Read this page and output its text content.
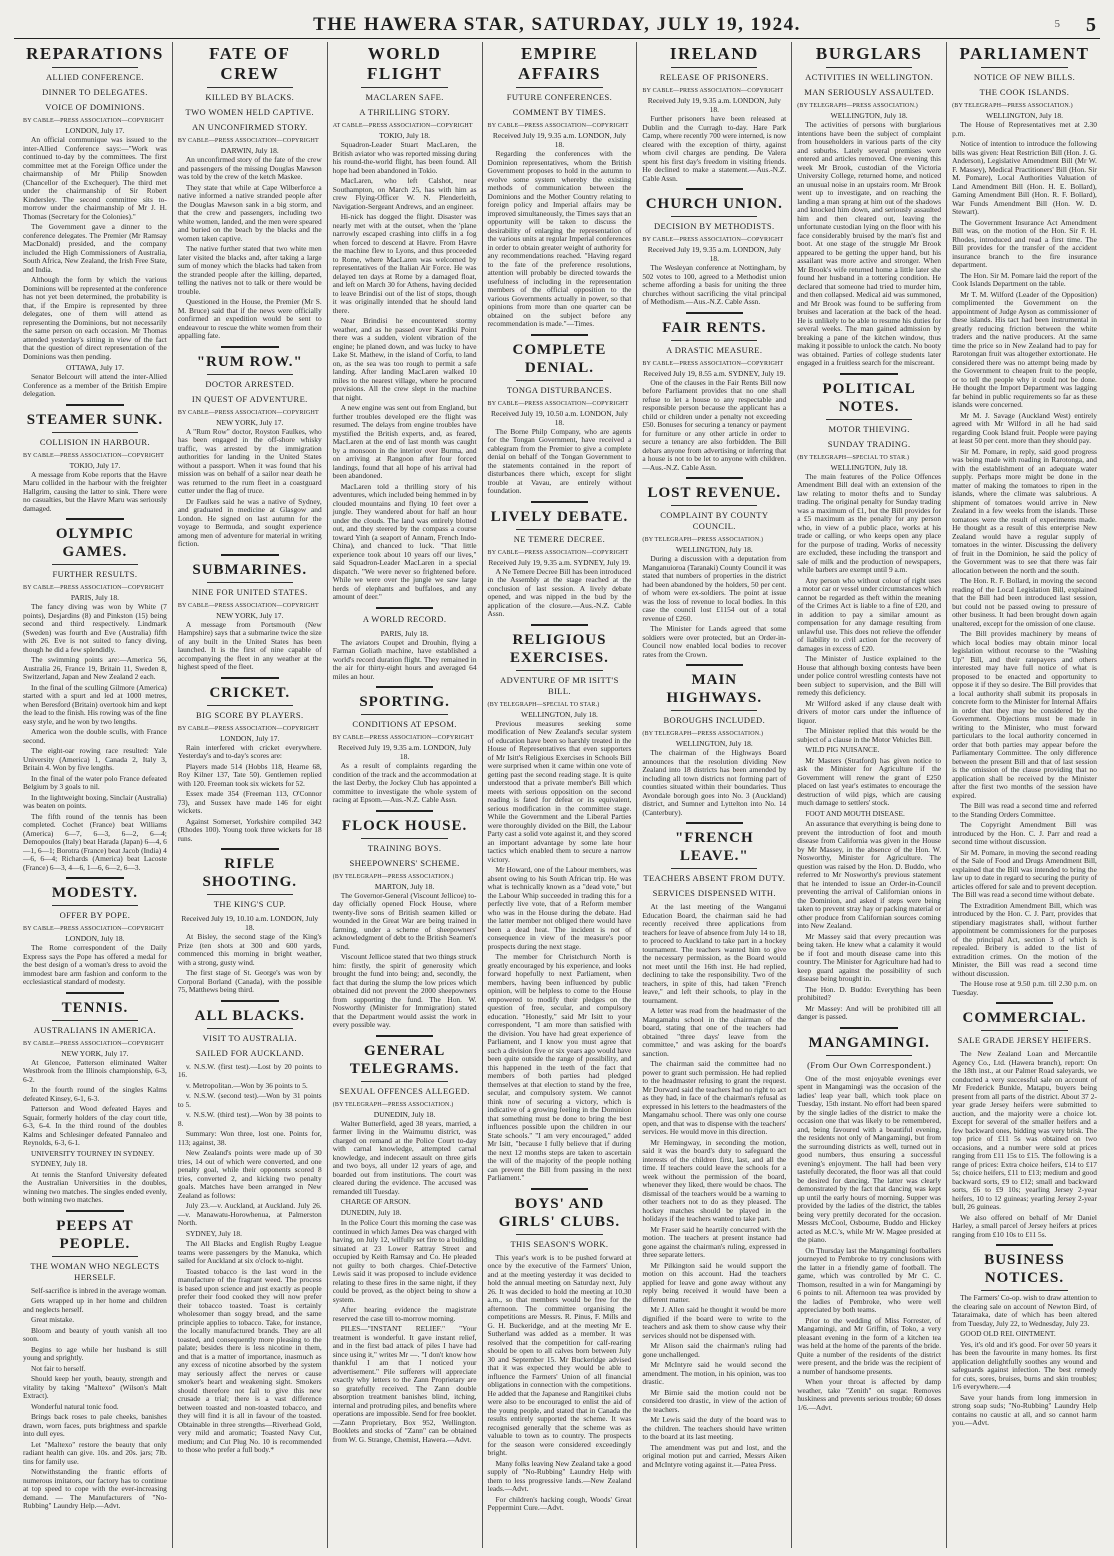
THE HAWERA STAR, SATURDAY, JULY 19, 1924.	5 5
REPARATIONS
ALLIED CONFERENCE.
DINNER TO DELEGATES.
VOICE OF DOMINIONS.
BY CABLE—PRESS ASSOCIATION—COPYRIGHT
LONDON, July 17.

An official communique was issued to the inter-Allied Conference says:—"Work was continued to-day by the committees. The first committee met at the Foreign Office under the chairmanship of Mr Philip Snowden (Chancellor of the Exchequer). The third met under the chairmanship of Sir Robert Kindersley. The second committee sits to-morrow under the chairmanship of Mr J. H. Thomas (Secretary for the Colonies)."

The Government gave a dinner to the conference delegates. The Premier (Mr Ramsay MacDonald) presided, and the company included the High Commissioners of Australia, South Africa, New Zealand, the Irish Free State, and India.

Although the form by which the various Dominions will be represented at the conference has not yet been determined, the probability is that, if the Empire is represented by three delegates, one of them will attend as representing the Dominions, but not necessarily the same person on each occasion. Mr Thomas attended yesterday's sitting in view of the fact that the question of direct representation of the Dominions was then pending.

OTTAWA, July 17.

Senator Belcourt will attend the inter-Allied Conference as a member of the British Empire delegation.

STEAMER SUNK.
COLLISION IN HARBOUR.
BY CABLE—PRESS ASSOCIATION—COPYRIGHT
TOKIO, July 17.

A message from Kobe reports that the Havre Maru collided in the harbour with the freighter Hallgrim, causing the latter to sink. There were no casualties, but the Havre Maru was seriously damaged.

OLYMPIC GAMES.
FURTHER RESULTS.
BY CABLE—PRESS ASSOCIATION—COPYRIGHT
PARIS, July 18.

The fancy diving was won by White (7 points), Desjardins (8) and Pinkston (15) being second and third respectively. Lindmark (Sweden) was fourth and Eve (Australia) fifth with 26. Eve is not suited to fancy diving, though he did a few splendidly.

The swimming points are:—America 56, Australia 26, France 19, Britain 11, Sweden 8, Switzerland, Japan and New Zealand 2 each.

In the final of the sculling Gilmore (America) started with a spurt and led at 1000 metres, when Beresford (Britain) overtook him and kept the lead to the finish. His rowing was of the fine easy style, and he won by two lengths.

America won the double sculls, with France second.

The eight-oar rowing race resulted: Yale University (America) 1, Canada 2, Italy 3, Britain 4. Won by five lengths.

In the final of the water polo France defeated Belgium by 3 goals to nil.

In the lightweight boxing, Sinclair (Australia) was beaten on points.

The fifth round of the tennis has been completed. Cochet (France) beat Williams (America) 6—7, 6—3, 6—2, 6—4; Demopoulos (Italy) beat Harada (Japan) 6—4, 6—1, 6—1; Borotra (France) beat Jacob (India) 4—6, 6—4; Richards (America) beat Lacoste (France) 6—3, 4—6, 1—6, 6—2, 6—3.

MODESTY.
OFFER BY POPE.
BY CABLE—PRESS ASSOCIATION—COPYRIGHT
LONDON, July 18.

The Rome correspondent of the Daily Express says the Pope has offered a medal for the best design of a woman's dress to avoid the immodest bare arm fashion and conform to the ecclesiastical standard of modesty.

TENNIS.
AUSTRALIANS IN AMERICA.
BY CABLE—PRESS ASSOCIATION—COPYRIGHT
NEW YORK, July 17.

At Glencoe, Patterson eliminated Walter Westbrook from the Illinois championship, 6-3, 6-2.

In the fourth round of the singles Kalms defeated Kinsey, 6-1, 6-3.

Patterson and Wood defeated Hayes and Squair, formerly holders of the clay court title, 6-3, 6-4. In the third round of the doubles Kalms and Schlesinger defeated Pannaleo and Reynolds, 6-3, 6-1.

UNIVERSITY TOURNEY IN SYDNEY.

SYDNEY, July 18.

At tennis the Stanford University defeated the Australian Universities in the doubles, winning two matches. The singles ended evenly, both winning two matches.

PEEPS AT PEOPLE.
THE WOMAN WHO NEGLECTS HERSELF.

Self-sacrifice is inbred in the average woman.

Gets wrapped up in her home and children and neglects herself.

Great mistake.

Bloom and beauty of youth vanish all too soon.

Begins to age while her husband is still young and sprightly.

Not fair to herself.

Should keep her youth, beauty, strength and vitality by taking "Maltexo" (Wilson's Malt Extract).

Wonderful natural tonic food.

Brings back roses to pale cheeks, banishes drawn, worn faces, puts brightness and sparkle into dull eyes.

Let "Maltexo" restore the beauty that only radiant health can give. 10s. and 20s. jars; 7lb. tins for family use.

Notwithstanding the frantic efforts of numerous imitators, our factory has to continue at top speed to cope with the ever-increasing demand. — The Manufacturers of "No-Rubbing" Laundry Help.—Advt.

FATE OF CREW
KILLED BY BLACKS.
TWO WOMEN HELD CAPTIVE.
AN UNCONFIRMED STORY.
BY CABLE—PRESS ASSOCIATION—COPYRIGHT
DARWIN, July 18.

An unconfirmed story of the fate of the crew and passengers of the missing Douglas Mawson was told by the crew of the ketch Maskee.

They state that while at Cape Wilberforce a native informed a native stranded people after the Douglas Mawson sank in a big storm, and that the crew and passengers, including two white women, landed, and the men were speared and buried on the beach by the blacks and the women taken captive.

The native further stated that two white men later visited the blacks and, after taking a large sum of money which the blacks had taken from the stranded people after the killing, departed, telling the natives not to talk or there would be trouble.

Questioned in the House, the Premier (Mr S. M. Bruce) said that if the news were officially confirmed an expedition would be sent to endeavour to rescue the white women from their appalling fate.

"RUM ROW."
DOCTOR ARRESTED.
IN QUEST OF ADVENTURE.
BY CABLE—PRESS ASSOCIATION—COPYRIGHT
NEW YORK, July 17.

A "Rum Row" doctor, Royston Faulkes, who has been engaged in the off-shore whisky traffic, was arrested by the immigration authorities for landing in the United States without a passport. When it was found that his mission was on behalf of a sailor near death he was returned to the rum fleet in a coastguard cutter under the flag of truce.

Dr Faulkes said he was a native of Sydney, and graduated in medicine at Glasgow and London. He signed on last autumn for the voyage to Bermuda, and sought experience among men of adventure for material in writing fiction.

SUBMARINES.
NINE FOR UNITED STATES.
BY CABLE—PRESS ASSOCIATION—COPYRIGHT
NEW YORK, July 17.

A message from Portsmouth (New Hampshire) says that a submarine twice the size of any built in the United States has been launched. It is the first of nine capable of accompanying the fleet in any weather at the highest speed of the fleet.

CRICKET.
BIG SCORE BY PLAYERS.
BY CABLE—PRESS ASSOCIATION—COPYRIGHT
LONDON, July 17.

Rain interfered with cricket everywhere. Yesterday's and to-day's scores are:

Players made 514 (Hobbs 118, Hearne 68, Roy Kilner 137, Tate 50). Gentlemen replied with 120. Freeman took six wickets for 52.

Essex made 354 (Freeman 113, O'Connor 73), and Sussex have made 146 for eight wickets.

Against Somerset, Yorkshire compiled 342 (Rhodes 100). Young took three wickets for 18 runs.

RIFLE SHOOTING.
THE KING'S CUP.
Received July 19, 10.10 a.m. LONDON, July 18.

At Bisley, the second stage of the King's Prize (ten shots at 300 and 600 yards, commenced this morning in bright weather, with a strong, gusty wind.

The first stage of St. George's was won by Corporal Borland (Canada), with the possible 75, Matthews being third.

ALL BLACKS.
VISIT TO AUSTRALIA.
SAILED FOR AUCKLAND.

v. N.S.W. (first test).—Lost by 20 points to 16.

v. Metropolitan.—Won by 36 points to 5.

v. N.S.W. (second test).—Won by 31 points to 5.

v. N.S.W. (third test).—Won by 38 points to 8.

Summary: Won three, lost one. Points for, 113; against, 38.

New Zealand's points were made up of 30 tries, 14 out of which were converted, and one penalty goal, while their opponents scored 8 tries, converted 2, and kicking two penalty goals. Matches have been arranged in New Zealand as follows:

July 23.—v. Auckland, at Auckland. July 26.—v. Manawatu-Horowhenua, at Palmerston North.

SYDNEY, July 18.

The All Blacks and English Rugby League teams were passengers by the Manuka, which sailed for Auckland at six o'clock to-night.

Toasted tobacco is the last word in the manufacture of the fragrant weed. The process is based upon science and just exactly as people prefer their food cooked they will now prefer their tobacco toasted. Toast is certainly wholesomer than soggy bread, and the same principle applies to tobacco. Take, for instance, the locally manufactured brands. They are all toasted, and consequently more pleasing to the palate; besides there is less nicotine in them, and that is a matter of importance, inasmuch as any excess of nicotine absorbed by the system may seriously affect the nerves or cause smoker's heart and weakening sight. Smokers should therefore not fail to give this new crusade a trial; there is a vast difference between toasted and non-toasted tobacco, and they will find it is all in favour of the toasted. Obtainable in three strengths—Riverhead Gold, very mild and aromatic; Toasted Navy Cut, medium; and Cut Plug No. 10 is recommended to those who prefer a full body.*

WORLD FLIGHT
MACLAREN SAFE.
A THRILLING STORY.
AT CABLE—PRESS ASSOCIATION—COPYRIGHT
TOKIO, July 18.

Squadron-Leader Stuart MacLaren, the British aviator who was reported missing during his round-the-world flight, has been found. All hope had been abandoned in Tokio.

MacLaren, who left Calshot, near Southampton, on March 25, has with him as crew Flying-Officer W. N. Plenderleith, Navigation-Sergeant Andrews, and an engineer.

Hi-nick has dogged the flight. Disaster was nearly met with at the outset, when the 'plane narrowly escaped crashing into cliffs in a fog when forced to descend at Havre. From Havre the machine flew to Lyons, and thus proceeded to Rome, where MacLaren was welcomed by representatives of the Italian Air Force. He was delayed ten days at Rome by a damaged float, and left on March 30 for Athens, having decided to leave Brindisi out of the list of stops, though it was originally intended that he should land there.

Near Brindisi he encountered stormy weather, and as he passed over Kardiki Point there was a sudden, violent vibration of the engine; he planed down, and was lucky to have Lake St. Mathew, in the island of Corfu, to land on, as the sea was too rough to permit a safe landing. After landing MacLaren walked 10 miles to the nearest village, where he procured provisions. All the crew slept in the machine that night.

A new engine was sent out from England, but further troubles developed ere the flight was resumed. The delays from engine troubles have mystified the British experts, and, as feared, MacLaren at the end of last month was caught by a monsoon in the interior over Burma, and on arriving at Rangoon after four forced landings, found that all hope of his arrival had been abandoned.

MacLaren told a thrilling story of his adventures, which included being hemmed in by clouded mountains and flying 10 feet over a jungle. They wandered about for half an hour under the clouds. The land was entirely blotted out, and they steered by the compass a course toward Yinh (a seaport of Annam, French Indo-China), and chanced to luck. "That little experience took about 10 years off our lives," said Squadron-Leader MacLaren in a special dispatch. "We were never so frightened before. While we were over the jungle we saw large herds of elephants and buffaloes, and any amount of deer."

A WORLD RECORD.
PARIS, July 18.

The aviators Coupet and Drouhin, flying a Farman Goliath machine, have established a world's record duration flight. They remained in the air for thirty-eight hours and averaged 64 miles an hour.

SPORTING.
CONDITIONS AT EPSOM.
BY CABLE—PRESS ASSOCIATION—COPYRIGHT
Received July 19, 9.35 a.m. LONDON, July 18.

As a result of complaints regarding the condition of the track and the accommodation at the last Derby, the Jockey Club has appointed a committee to investigate the whole system of racing at Epsom.—Aus.-N.Z. Cable Assn.

FLOCK HOUSE.
TRAINING BOYS.
SHEEPOWNERS' SCHEME.
(BY TELEGRAPH—PRESS ASSOCIATION.)
MARTON, July 18.

The Governor-General (Viscount Jellicoe) to-day officially opened Flock House, where twenty-five sons of British seamen killed or wounded in the Great War are being trained in farming, under a scheme of sheepowners' acknowledgment of debt to the British Seamen's Fund.

Viscount Jellicoe stated that two things struck him: firstly, the spirit of generosity which brought the fund into being; and, secondly, the fact that during the slump the low prices which obtained did not prevent the 2000 sheepowners from supporting the fund. The Hon. W. Nosworthy (Minister for Immigration) stated that the Department would assist the work in every possible way.

GENERAL TELEGRAMS.
SEXUAL OFFENCES ALLEGED.
(BY TELEGRAPH—PRESS ASSOCIATION.)
DUNEDIN, July 18.

Walter Butterfield, aged 38 years, married, a farmer living in the Waimumu district, was charged on remand at the Police Court to-day with carnal knowledge, attempted carnal knowledge, and indecent assault on three girls and two boys, all under 12 years of age, and boarded out from institutions. The court was cleared during the evidence. The accused was remanded till Tuesday.

CHARGE OF ARSON.

DUNEDIN, July 18.

In the Police Court this morning the case was continued in which James Dea was charged with having, on July 12, wilfully set fire to a building situated at 23 Lower Rattray Street and occupied by Keith Ramsay and Co. He pleaded not guilty to both charges. Chief-Detective Lewis said it was proposed to include evidence relating to these fires in the same night, if they could be proved, as the object being to show a system.

After hearing evidence the magistrate reserved the case till to-morrow morning.

PILES—"INSTANT RELIEF." "Your treatment is wonderful. It gave instant relief, and in the first bad attack of piles I have had since using it," writes Mr —. "I don't know how thankful I am that I noticed your advertisement." Pile sufferers will appreciate exactly why letters to the Zann Proprietary are so gratefully received. The Zann double absorption treatment banishes blind, itching, internal and protruding piles, and benefits where operations are impossible. Send for free booklet.—Zann Proprietary, Box 952, Wellington. Booklets and stocks of "Zann" can be obtained from W. G. Strange, Chemist, Hawera.—Advt.

EMPIRE AFFAIRS
FUTURE CONFERENCES.
COMMENT BY TIMES.
BY CABLE—PRESS ASSOCIATION—COPYRIGHT
Received July 19, 9.35 a.m. LONDON, July 18.

Regarding the conferences with the Dominion representatives, whom the British Government proposes to hold in the autumn to evolve some system whereby the existing methods of communication between the Dominions and the Mother Country relating to foreign policy and Imperial affairs may be improved simultaneously, the Times says that an opportunity will be taken to discuss the desirability of enlarging the representation of the various units at regular Imperial conferences in order to obtain greater weight of authority for any recommendations reached. "Having regard to the fate of the preference resolutions, attention will probably be directed towards the usefulness of including in the representation members of the official opposition to the various Governments actually in power, so that opinions from more than one quarter can be obtained on the subject before any recommendation is made."—Times.

COMPLETE DENIAL.
TONGA DISTURBANCES.
BY CABLE—PRESS ASSOCIATION—COPYRIGHT
Received July 19, 10.50 a.m. LONDON, July 18.

The Borne Philp Company, who are agents for the Tongan Government, have received a cablegram from the Premier to give a complete denial on behalf of the Tongan Government to the statements contained in the report of disturbances there which, except for slight trouble at Vavau, are entirely without foundation.

LIVELY DEBATE.
NE TEMERE DECREE.
BY CABLE—PRESS ASSOCIATION—COPYRIGHT
Received July 19, 9.35 a.m. SYDNEY, July 19.

A Ne Temere Decree Bill has been introduced in the Assembly at the stage reached at the conclusion of last session. A lively debate opened, and was nipped in the bud by the application of the closure.—Aus.-N.Z. Cable Assn.

RELIGIOUS EXERCISES.
ADVENTURE OF MR ISITT'S BILL.
(BY TELEGRAPH—SPECIAL TO STAR.)
WELLINGTON, July 18.

Previous measures seeking some modification of New Zealand's secular system of education have been so harshly treated in the House of Representatives that even supporters of Mr Isitt's Religious Exercises in Schools Bill were surprised when it came within one vote of getting past the second reading stage. It is quite understood that a private member's Bill which meets with serious opposition on the second reading is fated for defeat or its equivalent, serious modification in the committee stage. While the Government and the Liberal Parties were thoroughly divided on the Bill, the Labour Party cast a solid vote against it, and they scored an important advantage by some late hour tactics which enabled them to secure a narrow victory.

Mr Howard, one of the Labour members, was absent owing to his South African trip. He was what is technically known as a "dead vote," but the Labour Whip succeeded in trading this for a perfectly live vote, that of a Reform member who was in the House during the debate. Had the latter member not obliged there would have been a dead heat. The incident is not of consequence in view of the measure's poor prospects during the next stage.

The member for Christchurch North is greatly encouraged by his experience, and looks forward hopefully to next Parliament, when members, having been influenced by public opinion, will be helpless to come to the House empowered to modify their pledges on the question of free, secular, and compulsory education. "Honestly," said Mr Isitt to your correspondent, "I am more than satisfied with the division. You have had great experience of Parliament, and I know you must agree that such a division five or six years ago would have been quite outside the range of possibility, and this happened in the teeth of the fact that members of both parties had pledged themselves at that election to stand by the free, secular, and compulsory system. We cannot think now of securing a victory, which is indicative of a growing feeling in the Dominion that something must be done to bring the best influences possible upon the children in our State schools." "I am very encouraged," added Mr Isitt, "because I fully believe that if during the next 12 months steps are taken to ascertain the will of the majority of the people nothing can prevent the Bill from passing in the next Parliament."

BOYS' AND GIRLS' CLUBS.
THIS SEASON'S WORK.

This year's work is to be pushed forward at once by the executive of the Farmers' Union, and at the meeting yesterday it was decided to hold the annual meeting on Saturday next, July 26. It was decided to hold the meeting at 10.30 a.m., so that members would be free for the afternoon. The committee organising the competitions are Messrs. R. Pinus, F. Mills and G. H. Buckeridge, and at the meeting Mr E. Sutherland was added as a member. It was resolved that the competition for calf-rearing should be open to all calves born between July 30 and September 15. Mr Buckeridge advised that it was expected they would be able to influence the Farmers' Union of all financial obligations in connection with the competitions. He added that the Japanese and Rangitikei clubs were also to be encouraged to enlist the aid of the young people, and stated that in Canada the results entirely supported the scheme. It was recognised generally that the scheme was as valuable to town as to country. The prospects for the season were considered exceedingly bright.

Many folks leaving New Zealand take a good supply of "No-Rubbing" Laundry Help with them to less progressive lands.—New Zealand leads.—Advt.

For children's hacking cough, Woods' Great Peppermint Cure.—Advt.

IRELAND
RELEASE OF PRISONERS.
BY CABLE—PRESS ASSOCIATION—COPYRIGHT
Received July 19, 9.35 a.m. LONDON, July 18.

Further prisoners have been released at Dublin and the Curragh to-day. Hare Park Camp, where recently 700 were interned, is now cleared with the exception of thirty, against whom civil charges are pending. De Valera spent his first day's freedom in visiting friends. He declined to make a statement.—Aus.-N.Z. Cable Assn.

CHURCH UNION.
DECISION BY METHODISTS.
BY CABLE—PRESS ASSOCIATION—COPYRIGHT
Received July 19, 9.35 a.m. LONDON, July 18.

The Wesleyan conference at Nottingham, by 502 votes to 100, agreed to a Methodist union scheme affording a basis for uniting the three churches without sacrificing the vital principal of Methodism.—Aus.-N.Z. Cable Assn.

FAIR RENTS.
A DRASTIC MEASURE.
BY CABLE—PRESS ASSOCIATION—COPYRIGHT
Received July 19, 8.55 a.m. SYDNEY, July 19.

One of the clauses in the Fair Rents Bill now before Parliament provides that no one shall refuse to let a house to any respectable and responsible person because the applicant has a child or children under a penalty not exceeding £50. Bonuses for securing a tenancy or payment for furniture or any other article in order to secure a tenancy are also forbidden. The Bill debars anyone from advertising or inferring that a house is not to be let to anyone with children.—Aus.-N.Z. Cable Assn.

LOST REVENUE.
COMPLAINT BY COUNTY COUNCIL.
(BY TELEGRAPH—PRESS ASSOCIATION.)
WELLINGTON, July 18.

During a discussion with a deputation from Manganuioroa (Taranaki) County Council it was stated that numbers of properties in the district had been abandoned by the holders, 50 per cent. of whom were ex-soldiers. The point at issue was the loss of revenue to local bodies. In this case the council lost £1154 out of a total revenue of £260.

The Minister for Lands agreed that some soldiers were over protected, but an Order-in-Council now enabled local bodies to recover rates from the Crown.

MAIN HIGHWAYS.
BOROUGHS INCLUDED.
(BY TELEGRAPH—PRESS ASSOCIATION.)
WELLINGTON, July 18.

The chairman of the Highways Board announces that the resolution dividing New Zealand into 18 districts has been amended by including all town districts not forming part of counties situated within their boundaries. Thus Avondale borough goes into No. 3 (Auckland) district, and Sumner and Lyttelton into No. 14 (Canterbury).

"FRENCH LEAVE."
TEACHERS ABSENT FROM DUTY.
SERVICES DISPENSED WITH.

At the last meeting of the Wanganui Education Board, the chairman said he had recently received three applications from teachers for leave of absence from July 14 to 18, to proceed to Auckland to take part in a hockey tournament. The teachers wanted him to give the necessary permission, as the Board would not meet until the 16th inst. He had replied, declining to take the responsibility. Two of the teachers, in spite of this, had taken "French leave," and left their schools, to play in the tournament.

A letter was read from the headmaster of the Mangamahu school in the chairman of the board, stating that one of the teachers had obtained "three days' leave from the committee," and was asking for the board's sanction.

The chairman said the committee had no power to grant such permission. He had replied to the headmaster refusing to grant the request. Mr Dorward said the teachers had no right to act as they had, in face of the chairman's refusal as expressed in his letters to the headmasters of the Mangamahu school. There was only one course open, and that was to dispense with the teachers' services. He would move in this direction.

Mr Hemingway, in seconding the motion, said it was the board's duty to safeguard the interests of the children first, last, and all the time. If teachers could leave the schools for a week without the permission of the board, whenever they liked, there would be chaos. The dismissal of the teachers would be a warning to other teachers not to do as they pleased. The hockey matches should be played in the holidays if the teachers wanted to take part.

Mr Fraser said he heartily concurred with the motion. The teachers at present instance had gone against the chairman's ruling, expressed in three separate letters.

Mr Pilkington said he would support the motion on this account. Had the teachers applied for leave and gone away without any reply being received it would have been a different matter.

Mr J. Allen said he thought it would be more dignified if the board were to write to the teachers and ask them to show cause why their services should not be dispensed with.

Mr Alison said the chairman's ruling had gone unchallenged.

Mr McIntyre said he would second the amendment. The motion, in his opinion, was too drastic.

Mr Birnie said the motion could not be considered too drastic, in view of the action of the teachers.

Mr Lewis said the duty of the board was to the children. The teachers should have written to the board at its last meeting.

The amendment was put and lost, and the original motion put and carried, Messrs Aiken and McIntyre voting against it.—Patea Press.

BURGLARS
ACTIVITIES IN WELLINGTON.
MAN SERIOUSLY ASSAULTED.
(BY TELEGRAPH—PRESS ASSOCIATION.)
WELLINGTON, July 18.

The activities of persons with burglarious intentions have been the subject of complaint from householders in various parts of the city and suburbs. Lately several premises were entered and articles removed. One evening this week Mr Brook, custodian of the Victoria University College, returned home, and noticed an unusual noise in an upstairs room. Mr Brook went up to investigate, and on reaching the landing a man sprang at him out of the shadows and knocked him down, and seriously assaulted him and then cleared out, leaving the unfortunate custodian lying on the floor with his face considerably bruised by the man's fist and boot. At one stage of the struggle Mr Brook appeared to be getting the upper hand, but his assailant was more active and stronger. When Mr Brook's wife returned home a little later she found her husband in a tottering condition. He declared that someone had tried to murder him, and then collapsed. Medical aid was summoned, and Mr Brook was found to be suffering from bruises and laceration at the back of the head. He is unlikely to be able to resume his duties for several weeks. The man gained admission by breaking a pane of the kitchen window, thus making it possible to unlock the catch. No booty was obtained. Parties of college students later engaged in a fruitless search for the miscreant.

POLITICAL NOTES.
MOTOR THIEVING.
SUNDAY TRADING.
(BY TELEGRAPH—SPECIAL TO STAR.)
WELLINGTON, July 18.

The main features of the Police Offences Amendment Bill deal with an extension of the law relating to motor thefts and to Sunday trading. The original penalty for Sunday trading was a maximum of £1, but the Bill provides for a £5 maximum as the penalty for any person who, in view of a public place, works at his trade or calling, or who keeps open any place for the purpose of trading. Works of necessity are excluded, these including the transport and sale of milk and the production of newspapers, while barbers are exempt until 9 a.m.

Any person who without colour of right uses a motor car or vessel under circumstances which cannot be regarded as theft within the meaning of the Crimes Act is liable to a fine of £20, and in addition to pay a similar amount as compensation for any damage resulting from unlawful use. This does not relieve the offender of liability to civil action for the recovery of damages in excess of £20.

The Minister of Justice explained to the House that although boxing contests have been under police control wrestling contests have not been subject to supervision, and the Bill will remedy this deficiency.

Mr Wilford asked if any clause dealt with drivers of motor cars under the influence of liquor.

The Minister replied that this would be the subject of a clause in the Motor Vehicles Bill.

WILD PIG NUISANCE.

Mr Masters (Stratford) has given notice to ask the Minister for Agriculture if the Government will renew the grant of £250 placed on last year's estimates to encourage the destruction of wild pigs, which are causing much damage to settlers' stock.

FOOT AND MOUTH DISEASE.

An assurance that everything is being done to prevent the introduction of foot and mouth disease from California was given in the House by Mr Massey, in the absence of the Hon. W. Nosworthy, Minister for Agriculture. The question was raised by the Hon. D. Buddo, who referred to Mr Nosworthy's previous statement that he intended to issue an Order-in-Council preventing the arrival of Californian onions in the Dominion, and asked if steps were being taken to prevent stray hay or packing material or other produce from Californian sources coming into New Zealand.

Mr Massey said that every precaution was being taken. He knew what a calamity it would be if foot and mouth disease came into this country. The Minister for Agriculture had had to keep guard against the possibility of such disease being brought in.

The Hon. D. Buddo: Everything has been prohibited?

Mr Massey: And will be prohibited till all danger is passed.

MANGAMINGI.
(From Our Own Correspondent.)

One of the most enjoyable evenings ever spent in Mangamingi was the occasion of the ladies' leap year ball, which took place on Tuesday, 15th instant. No effort had been spared by the single ladies of the district to make the occasion one that was likely to be remembered, and, being favoured with a beautiful evening, the residents not only of Mangamingi, but from the surrounding districts as well, turned out in good numbers, thus ensuring a successful evening's enjoyment. The hall had been very tastefully decorated, the floor was all that could be desired for dancing. The latter was clearly demonstrated by the fact that dancing was kept up until the early hours of morning. Supper was provided by the ladies of the district, the tables being very prettily decorated for the occasion. Messrs McCool, Osbourne, Buddo and Hickey acted as M.C.'s, while Mr W. Magee presided at the piano.

On Thursday last the Mangamingi footballers journeyed to Pembroke to try conclusions with the latter in a friendly game of football. The game, which was controlled by Mr C. C. Thomson, resulted in a win for Mangamingi by 6 points to nil. Afternoon tea was provided by the ladies of Pembroke, who were well appreciated by both teams.

Prior to the wedding of Miss Forrester, of Mangamingi, and Mr Griffin, of Toko, a very pleasant evening in the form of a kitchen tea was held at the home of the parents of the bride. Quite a number of the residents of the district were present, and the bride was the recipient of a number of handsome presents.

When your throat is affected by damp weather, take "Zenith" on sugar. Removes huskiness and prevents serious trouble; 60 doses 1/6.—Advt.

PARLIAMENT
NOTICE OF NEW BILLS.
THE COOK ISLANDS.
(BY TELEGRAPH—PRESS ASSOCIATION.)
WELLINGTON, July 18.

The House of Representatives met at 2.30 p.m.

Notice of intention to introduce the following bills was given: Heat Restriction Bill (Hon. J. G. Anderson), Legislative Amendment Bill (Mr W. F. Massey), Medical Practitioners' Bill (Hon. Sir M. Pomare), Local Authorities Valuation of Land Amendment Bill (Hon. H. E. Bollard), Gaming Amendment Bill (Hon. R. F. Bollard), War Funds Amendment Bill (Hon. W. D. Stewart).

The Government Insurance Act Amendment Bill was, on the motion of the Hon. Sir F. H. Rhodes, introduced and read a first time. The Bill provides for the transfer of the accident insurance branch to the fire insurance department.

The Hon. Sir M. Pomare laid the report of the Cook Islands Department on the table.

Mr T. M. Wilford (Leader of the Opposition) complimented the Government on the appointment of Judge Ayson as commissioner of these islands. His tact had been instrumental in greatly reducing friction between the white traders and the native producers. At the same time the price so in New Zealand had to pay for Rarotongan fruit was altogether extortionate. He considered there was no attempt being made by the Government to cheapen fruit to the people, or to tell the people why it could not be done. He thought the Import Department was lagging far behind in public requirements so far as these islands were concerned.

Mr M. J. Savage (Auckland West) entirely agreed with Mr Wilford in all he had said regarding Cook Island fruit. People were paying at least 50 per cent. more than they should pay.

Sir M. Pomare, in reply, said good progress was being made with roading in Rarotonga, and with the establishment of an adequate water supply. Perhaps more might be done in the matter of making the tomatoes to ripen in the islands, where the climate was salubrious. A shipment of tomatoes would arrive in New Zealand in a few weeks from the islands. These tomatoes were the result of experiments made. He thought as a result of this enterprise New Zealand would have a regular supply of tomatoes in the winter. Discussing the delivery of fruit in the Dominion, he said the policy of the Government was to see that there was fair allocation between the north and the south.

The Hon. R. F. Bollard, in moving the second reading of the Local Legislation Bill, explained that the Bill had been introduced last session, but could not be passed owing to pressure of other business. It had been brought down again unaltered, except for the omission of one clause.

The Bill provides machinery by means of which local bodies may obtain minor local legislation without recourse to the "Washing Up" Bill, and their ratepayers and others interested may have full notice of what is proposed to be enacted and opportunity to oppose it if they so desire. The Bill provides that a local authority shall submit its proposals in concrete form to the Minister for Internal Affairs in order that they may be considered by the Government. Objections must be made in writing to the Minister, who must forward particulars to the local authority concerned in order that both parties may appear before the Parliamentary Committee. The only difference between the present Bill and that of last session is the omission of the clause providing that no application shall be received by the Minister after the first two months of the session have expired.

The Bill was read a second time and referred to the Standing Orders Committee.

The Copyright Amendment Bill was introduced by the Hon. C. J. Parr and read a second time without discussion.

Sir M. Pomare, in moving the second reading of the Sale of Food and Drugs Amendment Bill, explained that the Bill was intended to bring the law up to date in regard to securing the purity of articles offered for sale and to prevent deception. The Bill was read a second time without debate.

The Extradition Amendment Bill, which was introduced by the Hon. C. J. Parr, provides that stipendiary magistrates shall, without further appointment be commissioners for the purposes of the principal Act, section 3 of which is repealed. Bribery is added to the list of extradition crimes. On the motion of the Minister, the Bill was read a second time without discussion.

The House rose at 9.50 p.m. till 2.30 p.m. on Tuesday.

COMMERCIAL.
SALE GRADE JERSEY HEIFERS.

The New Zealand Loan and Mercantile Agency Co., Ltd. (Hawera branch), report: On the 18th inst., at our Palmer Road saleyards, we conducted a very successful sale on account of Mr Frederick Bunkle, Matapu, buyers being present from all parts of the district. About 37 2-year grade Jersey heifers were submitted to auction, and the majority were a choice lot. Except for several of the smaller heifers and a few backward ones, bidding was very brisk. The top price of £11 5s was obtained on two occasions, and a number were sold at prices ranging from £11 15s to £15. The following is a range of prices: Extra choice heifers, £14 to £17 5s; choice heifers, £11 to £13; medium and good backward sorts, £9 to £12; small and backward sorts, £6 to £9 10s; yearling Jersey 2-year heifers, 10 to 12 guineas; yearling Jersey 2-year bull, 26 guineas.

We also offered on behalf of Mr Daniel Harley, a small parcel of Jersey heifers at prices ranging from £10 10s to £11 5s.

BUSINESS NOTICES.

The Farmers' Co-op. wish to draw attention to the clearing sale on account of Newton Bird, of Tataraimaka, date of which has been altered from Tuesday, July 22, to Wednesday, July 23.

GOOD OLD REL OINTMENT.

Yes, it's old and it's good. For over 50 years it has been the favourite in many homes. Its first application delightfully soothes any wound and safeguards against infection. The best remedy for cuts, sores, bruises, burns and skin troubles; 1/6 everywhere.—4

Save your hands from long immersion in strong soap suds; "No-Rubbing" Laundry Help contains no caustic at all, and so cannot harm you.—Advt.
